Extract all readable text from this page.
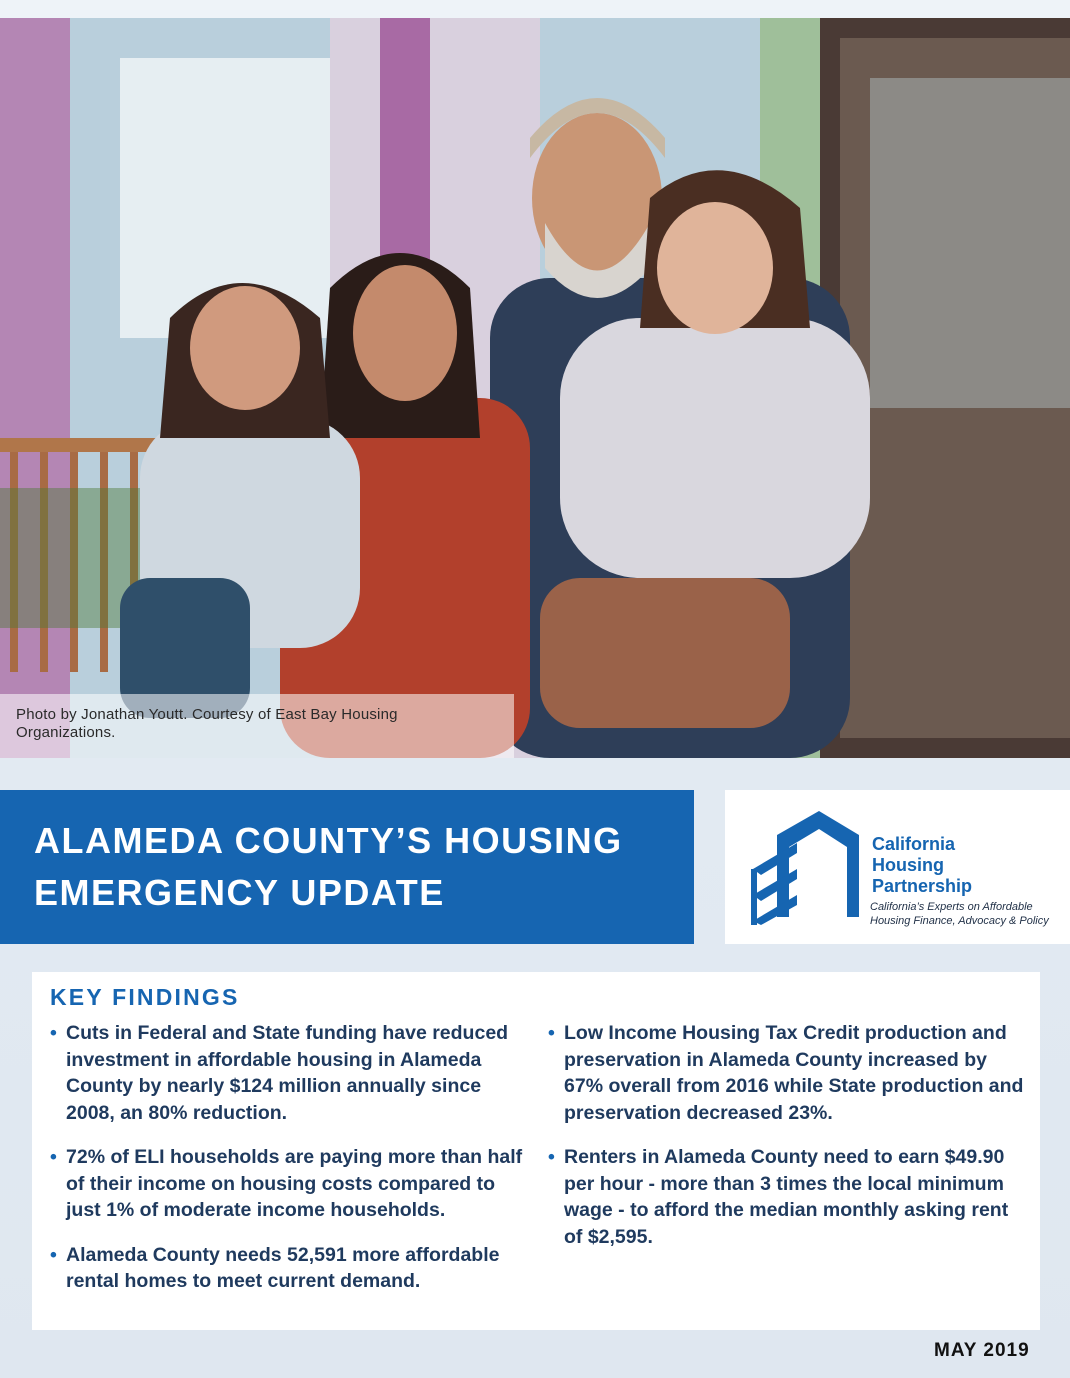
Photo by Jonathan Youtt. Courtesy of East Bay Housing Organizations.
ALAMEDA COUNTY’S HOUSING
EMERGENCY UPDATE
California
Housing
Partnership
California’s Experts on Affordable Housing Finance, Advocacy & Policy
KEY FINDINGS
• Cuts in Federal and State funding have reduced investment in affordable housing in Alameda County by nearly $124 million annually since 2008, an 80% reduction.
• 72% of ELI households are paying more than half of their income on housing costs compared to just 1% of moderate income households.
• Alameda County needs 52,591 more affordable rental homes to meet current demand.
• Low Income Housing Tax Credit production and preservation in Alameda County increased by 67% overall from 2016 while State production and preservation decreased 23%.
• Renters in Alameda County need to earn $49.90 per hour - more than 3 times the local minimum wage - to afford the median monthly asking rent of $2,595.
MAY 2019
